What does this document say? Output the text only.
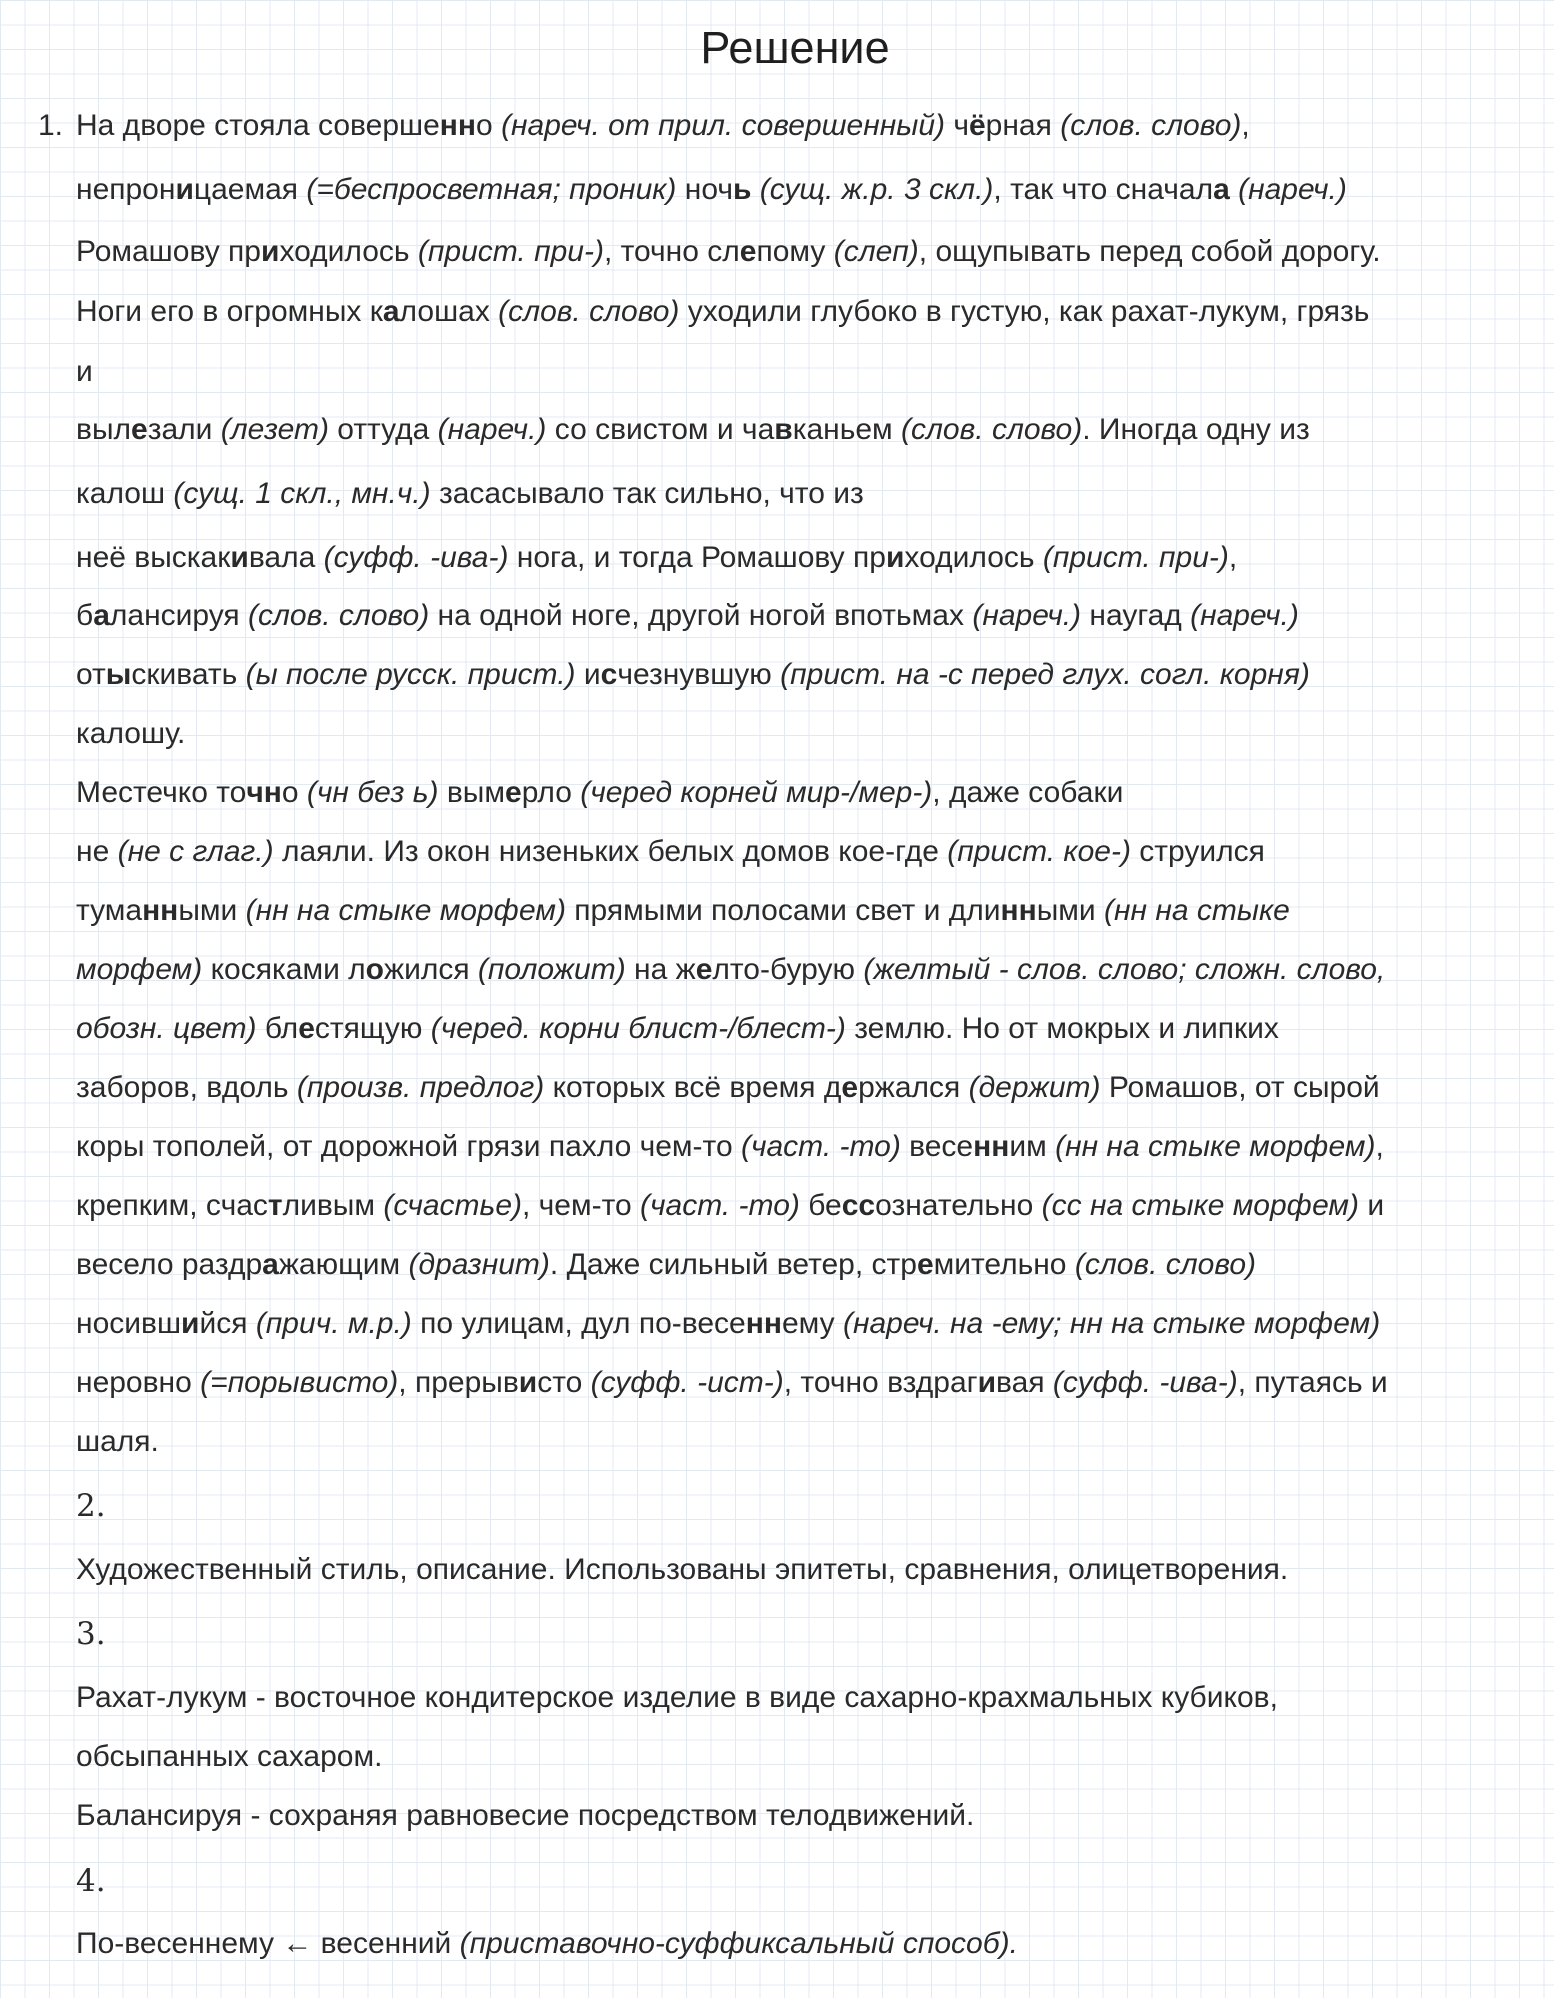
Решение
1. На дворе стояла совершенно (нареч. от прил. совершенный) чёрная (слов. слово),
непроницаемая (=беспросветная; проник) ночь (сущ. ж.р. 3 скл.), так что сначала (нареч.)
Ромашову приходилось (прист. при-), точно слепому (слеп), ощупывать перед собой дорогу.
Ноги его в огромных калошах (слов. слово) уходили глубоко в густую, как рахат-лукум, грязь
и
вылезали (лезет) оттуда (нареч.) со свистом и чавканьем (слов. слово). Иногда одну из
калош (сущ. 1 скл., мн.ч.) засасывало так сильно, что из
неё выскакивала (суфф. -ива-) нога, и тогда Ромашову приходилось (прист. при-),
балансируя (слов. слово) на одной ноге, другой ногой впотьмах (нареч.) наугад (нареч.)
отыскивать (ы после русск. прист.) исчезнувшую (прист. на -с перед глух. согл. корня)
калошу.
Местечко точно (чн без ь) вымерло (черед корней мир-/мер-), даже собаки
не (не с глаг.) лаяли. Из окон низеньких белых домов кое-где (прист. кое-) струился
туманными (нн на стыке морфем) прямыми полосами свет и длинными (нн на стыке
морфем) косяками ложился (положит) на желто-бурую (желтый - слов. слово; сложн. слово,
обозн. цвет) блестящую (черед. корни блист-/блест-) землю. Но от мокрых и липких
заборов, вдоль (произв. предлог) которых всё время держался (держит) Ромашов, от сырой
коры тополей, от дорожной грязи пахло чем-то (част. -то) весенним (нн на стыке морфем),
крепким, счастливым (счастье), чем-то (част. -то) бессознательно (сс на стыке морфем) и
весело раздражающим (дразнит). Даже сильный ветер, стремительно (слов. слово)
носившийся (прич. м.р.) по улицам, дул по-весеннему (нареч. на -ему; нн на стыке морфем)
неровно (=порывисто), прерывисто (суфф. -ист-), точно вздрагивая (суфф. -ива-), путаясь и
шаля.
2.
Художественный стиль, описание. Использованы эпитеты, сравнения, олицетворения.
3.
Рахат-лукум - восточное кондитерское изделие в виде сахарно-крахмальных кубиков,
обсыпанных сахаром.
Балансируя - сохраняя равновесие посредством телодвижений.
4.
По-весеннему ← весенний (приставочно-суффиксальный способ).
